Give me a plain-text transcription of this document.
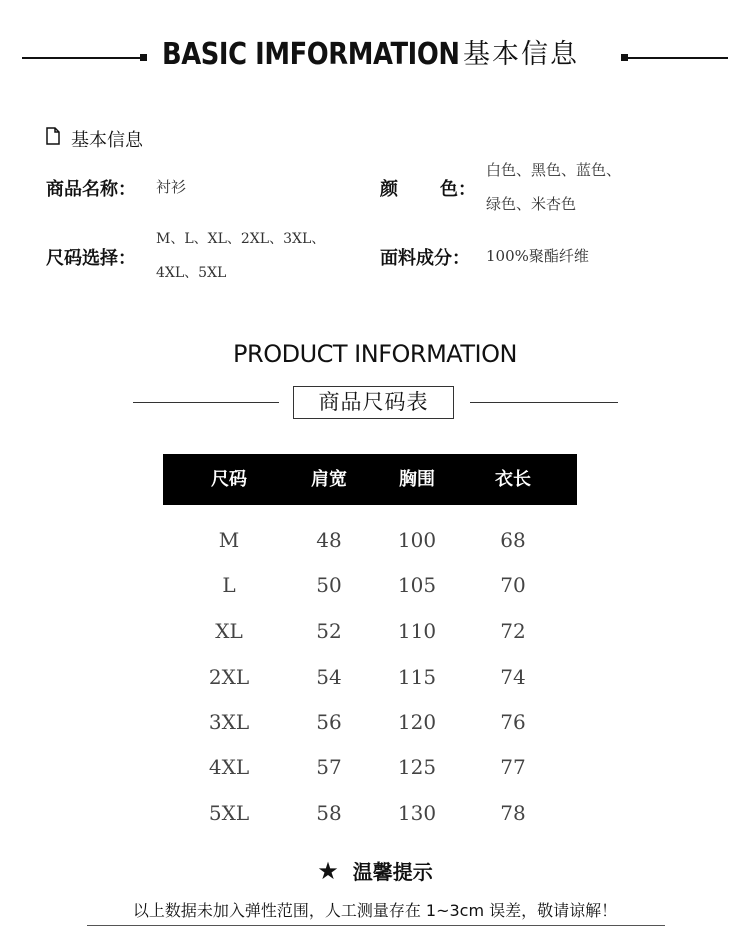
BASIC IMFORMATION 基本信息
基本信息
商品名称： 衬衫	颜 色：
白色、黑色、蓝色、
绿色、米杏色
尺码选择：
M、L、XL、2XL、3XL、
4XL、5XL
面料成分： 100%聚酯纤维
PRODUCT INFORMATION
商品尺码表
尺码	肩宽	胸围	衣长
M	48	100	68
L	50	105	70
XL	52	110	72
2XL	54	115	74
3XL	56	120	76
4XL	57	125	77
5XL	58	130	78
★ 温馨提示
以上数据未加入弹性范围，人工测量存在 1~3cm 误差，敬请谅解！
